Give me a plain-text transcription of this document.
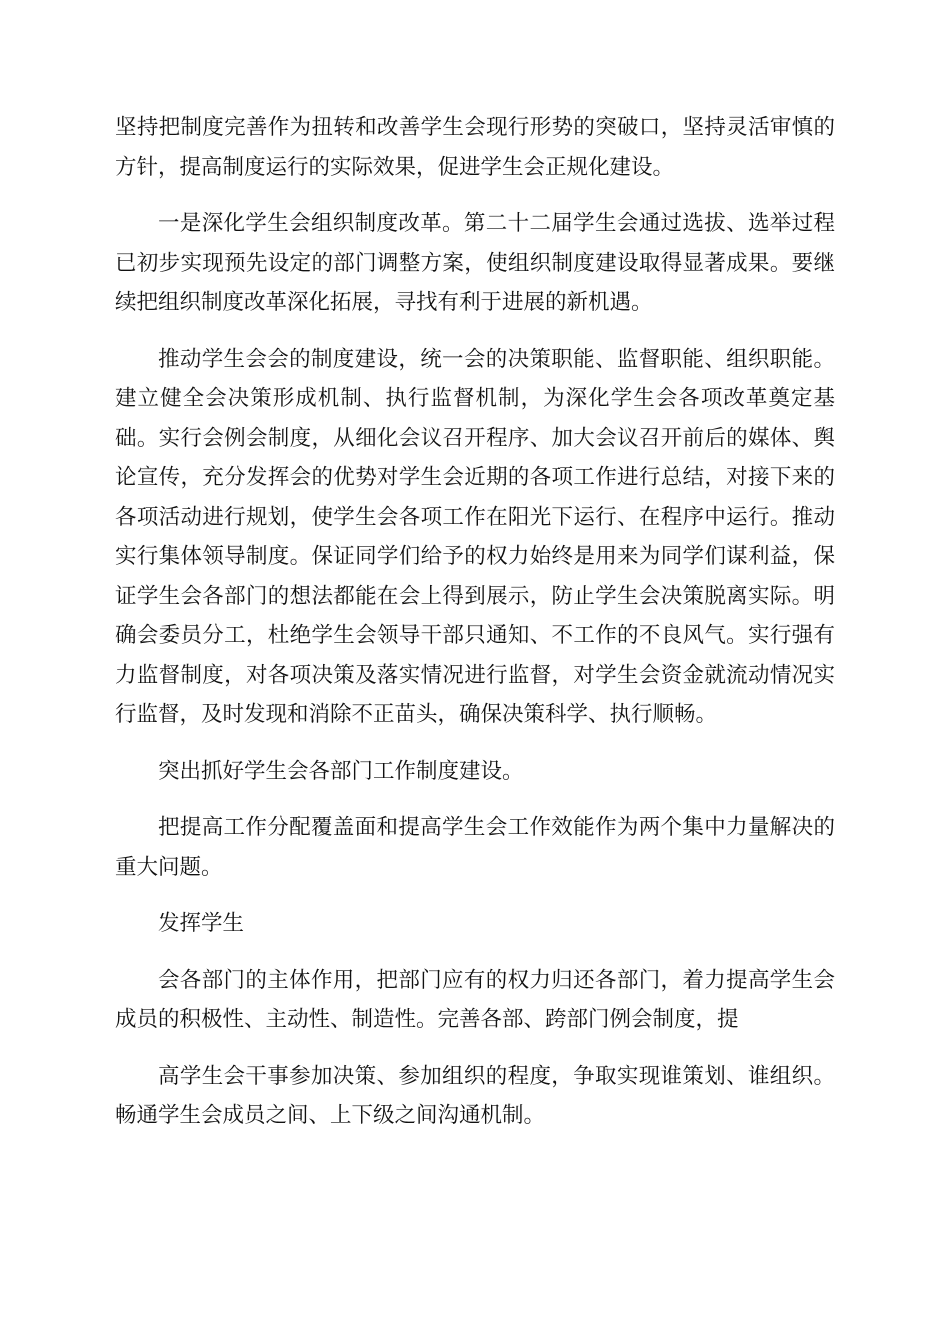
坚持把制度完善作为扭转和改善学生会现行形势的突破口，坚持灵活审慎的方针，提高制度运行的实际效果，促进学生会正规化建设。

一是深化学生会组织制度改革。第二十二届学生会通过选拔、选举过程已初步实现预先设定的部门调整方案，使组织制度建设取得显著成果。要继续把组织制度改革深化拓展，寻找有利于进展的新机遇。

推动学生会会的制度建设，统一会的决策职能、监督职能、组织职能。建立健全会决策形成机制、执行监督机制，为深化学生会各项改革奠定基础。实行会例会制度，从细化会议召开程序、加大会议召开前后的媒体、舆论宣传，充分发挥会的优势对学生会近期的各项工作进行总结，对接下来的各项活动进行规划，使学生会各项工作在阳光下运行、在程序中运行。推动实行集体领导制度。保证同学们给予的权力始终是用来为同学们谋利益，保证学生会各部门的想法都能在会上得到展示，防止学生会决策脱离实际。明确会委员分工，杜绝学生会领导干部只通知、不工作的不良风气。实行强有力监督制度，对各项决策及落实情况进行监督，对学生会资金就流动情况实行监督，及时发现和消除不正苗头，确保决策科学、执行顺畅。

突出抓好学生会各部门工作制度建设。

把提高工作分配覆盖面和提高学生会工作效能作为两个集中力量解决的重大问题。

发挥学生

会各部门的主体作用，把部门应有的权力归还各部门，着力提高学生会成员的积极性、主动性、制造性。完善各部、跨部门例会制度，提

高学生会干事参加决策、参加组织的程度，争取实现谁策划、谁组织。畅通学生会成员之间、上下级之间沟通机制。
